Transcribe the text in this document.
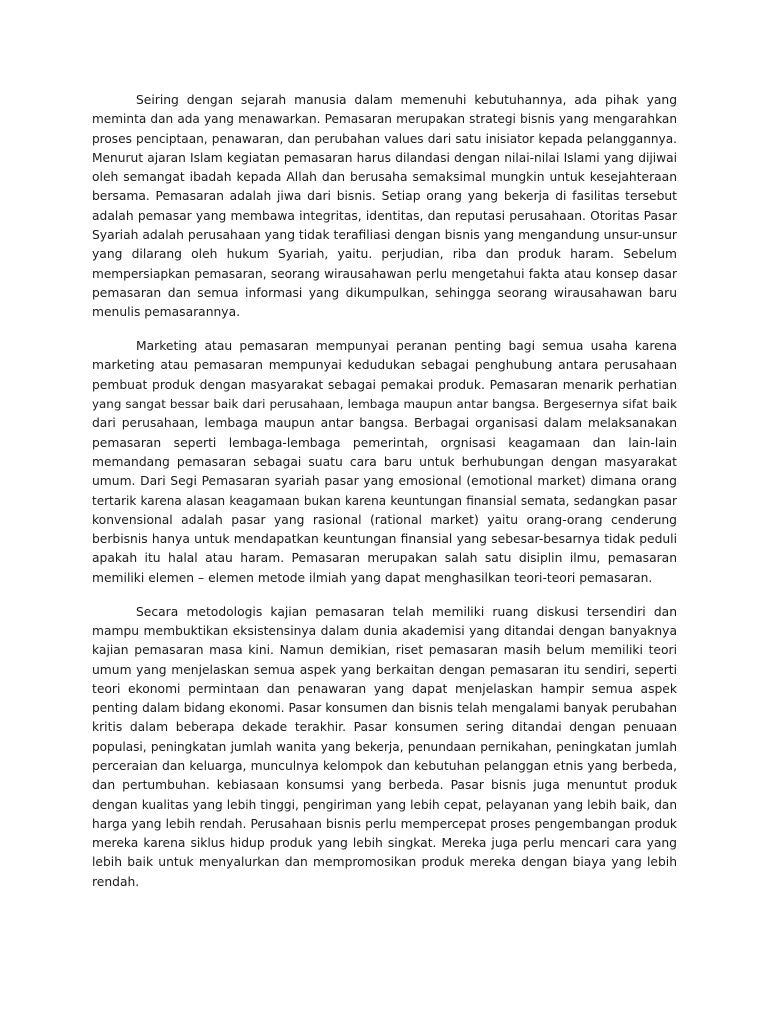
Seiring dengan sejarah manusia dalam memenuhi kebutuhannya, ada pihak yang
meminta dan ada yang menawarkan. Pemasaran merupakan strategi bisnis yang mengarahkan
proses penciptaan, penawaran, dan perubahan values dari satu inisiator kepada pelanggannya.
Menurut ajaran Islam kegiatan pemasaran harus dilandasi dengan nilai-nilai Islami yang dijiwai
oleh semangat ibadah kepada Allah dan berusaha semaksimal mungkin untuk kesejahteraan
bersama. Pemasaran adalah jiwa dari bisnis. Setiap orang yang bekerja di fasilitas tersebut
adalah pemasar yang membawa integritas, identitas, dan reputasi perusahaan. Otoritas Pasar
Syariah adalah perusahaan yang tidak terafiliasi dengan bisnis yang mengandung unsur-unsur
yang dilarang oleh hukum Syariah, yaitu. perjudian, riba dan produk haram. Sebelum
mempersiapkan pemasaran, seorang wirausahawan perlu mengetahui fakta atau konsep dasar
pemasaran dan semua informasi yang dikumpulkan, sehingga seorang wirausahawan baru
menulis pemasarannya.
Marketing atau pemasaran mempunyai peranan penting bagi semua usaha karena
marketing atau pemasaran mempunyai kedudukan sebagai penghubung antara perusahaan
pembuat produk dengan masyarakat sebagai pemakai produk. Pemasaran menarik perhatian
yang sangat bessar baik dari perusahaan, lembaga maupun antar bangsa. Bergesernya sifat baik
dari perusahaan, lembaga maupun antar bangsa. Berbagai organisasi dalam melaksanakan
pemasaran seperti lembaga-lembaga pemerintah, orgnisasi keagamaan dan lain-lain
memandang pemasaran sebagai suatu cara baru untuk berhubungan dengan masyarakat
umum. Dari Segi Pemasaran syariah pasar yang emosional (emotional market) dimana orang
tertarik karena alasan keagamaan bukan karena keuntungan finansial semata, sedangkan pasar
konvensional adalah pasar yang rasional (rational market) yaitu orang-orang cenderung
berbisnis hanya untuk mendapatkan keuntungan finansial yang sebesar-besarnya tidak peduli
apakah itu halal atau haram. Pemasaran merupakan salah satu disiplin ilmu, pemasaran
memiliki elemen – elemen metode ilmiah yang dapat menghasilkan teori-teori pemasaran.
Secara metodologis kajian pemasaran telah memiliki ruang diskusi tersendiri dan
mampu membuktikan eksistensinya dalam dunia akademisi yang ditandai dengan banyaknya
kajian pemasaran masa kini. Namun demikian, riset pemasaran masih belum memiliki teori
umum yang menjelaskan semua aspek yang berkaitan dengan pemasaran itu sendiri, seperti
teori ekonomi permintaan dan penawaran yang dapat menjelaskan hampir semua aspek
penting dalam bidang ekonomi. Pasar konsumen dan bisnis telah mengalami banyak perubahan
kritis dalam beberapa dekade terakhir. Pasar konsumen sering ditandai dengan penuaan
populasi, peningkatan jumlah wanita yang bekerja, penundaan pernikahan, peningkatan jumlah
perceraian dan keluarga, munculnya kelompok dan kebutuhan pelanggan etnis yang berbeda,
dan pertumbuhan. kebiasaan konsumsi yang berbeda. Pasar bisnis juga menuntut produk
dengan kualitas yang lebih tinggi, pengiriman yang lebih cepat, pelayanan yang lebih baik, dan
harga yang lebih rendah. Perusahaan bisnis perlu mempercepat proses pengembangan produk
mereka karena siklus hidup produk yang lebih singkat. Mereka juga perlu mencari cara yang
lebih baik untuk menyalurkan dan mempromosikan produk mereka dengan biaya yang lebih
rendah.
